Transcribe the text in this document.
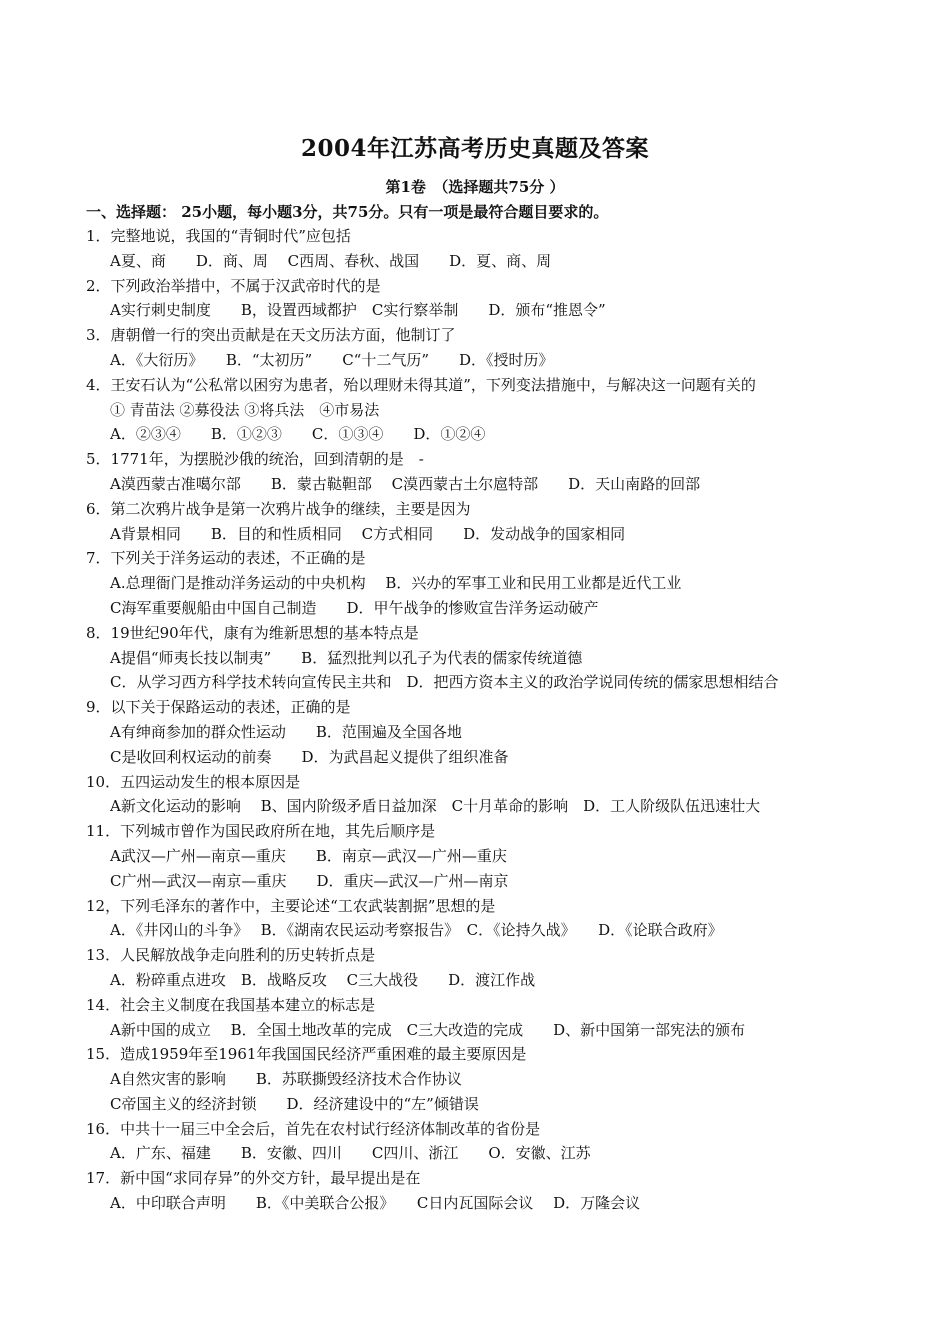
2004年江苏高考历史真题及答案
第1卷　（选择题共75分 ）
一、选择题： 25小题，每小题3分，共75分。只有一项是最符合题目要求的。
1．完整地说，我国的“青铜时代”应包括
A夏、商　　D．商、周　 C西周、春秋、战国　　D．夏、商、周
2．下列政治举措中，不属于汉武帝时代的是
A实行刺史制度　　B，设置西域都护　C实行察举制　　D．颁布“推恩令”
3．唐朝僧一行的突出贡献是在天文历法方面，他制订了
A．《大衍历》　　B．“太初历”　　C“十二气历”　　D．《授时历》
4．王安石认为“公私常以困穷为患者，殆以理财未得其道”，下列变法措施中，与解决这一问题有关的
① 青苗法 ②募役法 ③将兵法　④市易法
A．②③④　　B．①②③　　C．①③④　　D．①②④
5．1771年，为摆脱沙俄的统治，回到清朝的是　-
A漠西蒙古准噶尔部　　B．蒙古鞑靼部　 C漠西蒙古土尔扈特部　　D．天山南路的回部
6．第二次鸦片战争是第一次鸦片战争的继续，主要是因为
A背景相同　　B．目的和性质相同　 C方式相同　　D．发动战争的国家相同
7．下列关于洋务运动的表述，不正确的是
A.总理衙门是推动洋务运动的中央机构　 B．兴办的军事工业和民用工业都是近代工业
C海军重要舰船由中国自己制造　　D．甲午战争的惨败宣告洋务运动破产
8．19世纪90年代，康有为维新思想的基本特点是
A提倡“师夷长技以制夷”　　B．猛烈批判以孔子为代表的儒家传统道德
C．从学习西方科学技术转向宣传民主共和　D．把西方资本主义的政治学说同传统的儒家思想相结合
9．以下关于保路运动的表述，正确的是
A有绅商参加的群众性运动　　B．范围遍及全国各地
C是收回利权运动的前奏　　D．为武昌起义提供了组织准备
10．五四运动发生的根本原因是
A新文化运动的影响　 B、国内阶级矛盾日益加深　C十月革命的影响　D．工人阶级队伍迅速壮大
11．下列城市曾作为国民政府所在地，其先后顺序是
A武汉—广州—南京—重庆　　B．南京—武汉—广州—重庆
C广州—武汉—南京—重庆　　D．重庆—武汉—广州—南京
12，下列毛泽东的著作中，主要论述“工农武装割据”思想的是
A．《井冈山的斗争》　 B．《湖南农民运动考察报告》　C．《论持久战》　　D．《论联合政府》
13．人民解放战争走向胜利的历史转折点是
A．粉碎重点进攻　B．战略反攻　 C三大战役　　D．渡江作战
14．社会主义制度在我国基本建立的标志是
A新中国的成立　 B．全国土地改革的完成　C三大改造的完成　　D、新中国第一部宪法的颁布
15．造成1959年至1961年我国国民经济严重困难的最主要原因是
A自然灾害的影响　　B．苏联撕毁经济技术合作协议
C帝国主义的经济封锁　　D．经济建设中的“左”倾错误
16．中共十一届三中全会后，首先在农村试行经济体制改革的省份是
A．广东、福建　　B．安徽、四川　　C四川、浙江　　O．安徽、江苏
17．新中国“求同存异”的外交方针，最早提出是在
A．中印联合声明　　B．《中美联合公报》　　C日内瓦国际会议　 D．万隆会议
